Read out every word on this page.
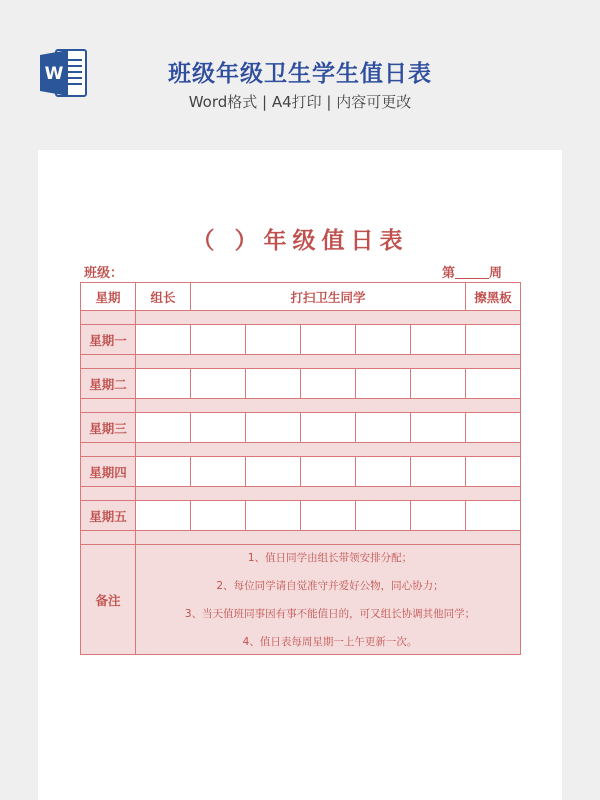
W	班级年级卫生学生值日表
Word格式 | A4打印 | 内容可更改
（ ）年级值日表
班级：	第	周
星期	组长	打扫卫生同学					擦黑板

星期一							

星期二							

星期三							

星期四							

星期五							

备注	1、值日同学由组长带领安排分配；
2、每位同学请自觉准守并爱好公物，同心协力；
3、当天值班同事因有事不能值日的，可又组长协调其他同学；
4、值日表每周星期一上午更新一次。						
